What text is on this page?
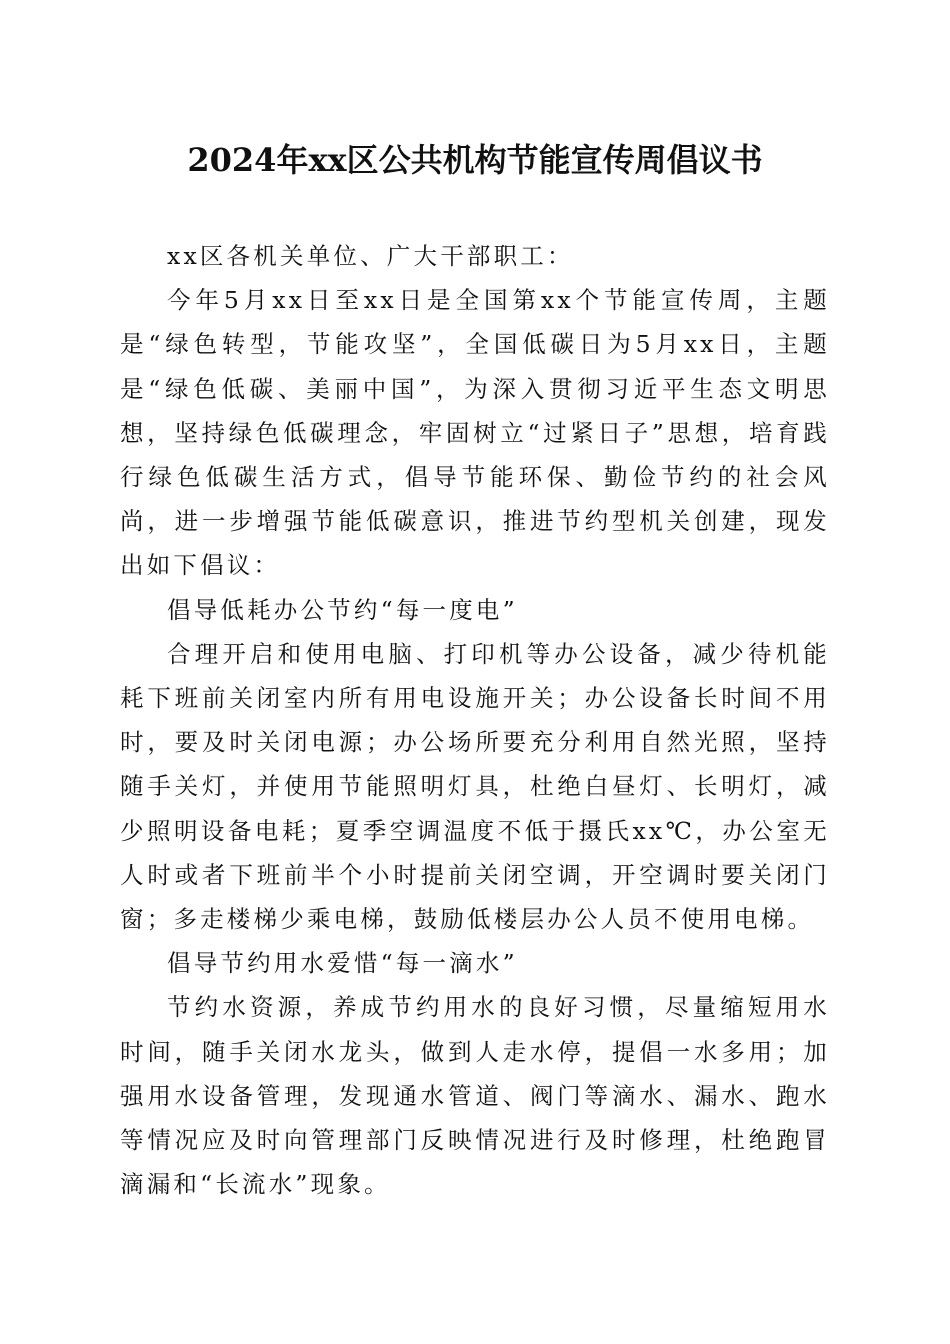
2024年xx区公共机构节能宣传周倡议书

xx区各机关单位、广大干部职工：

今年5月xx日至xx日是全国第xx个节能宣传周，主题是“绿色转型，节能攻坚”，全国低碳日为5月xx日，主题是“绿色低碳、美丽中国”，为深入贯彻习近平生态文明思想，坚持绿色低碳理念，牢固树立“过紧日子”思想，培育践行绿色低碳生活方式，倡导节能环保、勤俭节约的社会风尚，进一步增强节能低碳意识，推进节约型机关创建，现发出如下倡议：

倡导低耗办公节约“每一度电”

合理开启和使用电脑、打印机等办公设备，减少待机能耗下班前关闭室内所有用电设施开关；办公设备长时间不用时，要及时关闭电源；办公场所要充分利用自然光照，坚持随手关灯，并使用节能照明灯具，杜绝白昼灯、长明灯，减少照明设备电耗；夏季空调温度不低于摄氏xx℃，办公室无人时或者下班前半个小时提前关闭空调，开空调时要关闭门窗；多走楼梯少乘电梯，鼓励低楼层办公人员不使用电梯。

倡导节约用水爱惜“每一滴水”

节约水资源，养成节约用水的良好习惯，尽量缩短用水时间，随手关闭水龙头，做到人走水停，提倡一水多用；加强用水设备管理，发现通水管道、阀门等滴水、漏水、跑水等情况应及时向管理部门反映情况进行及时修理，杜绝跑冒滴漏和“长流水”现象。
